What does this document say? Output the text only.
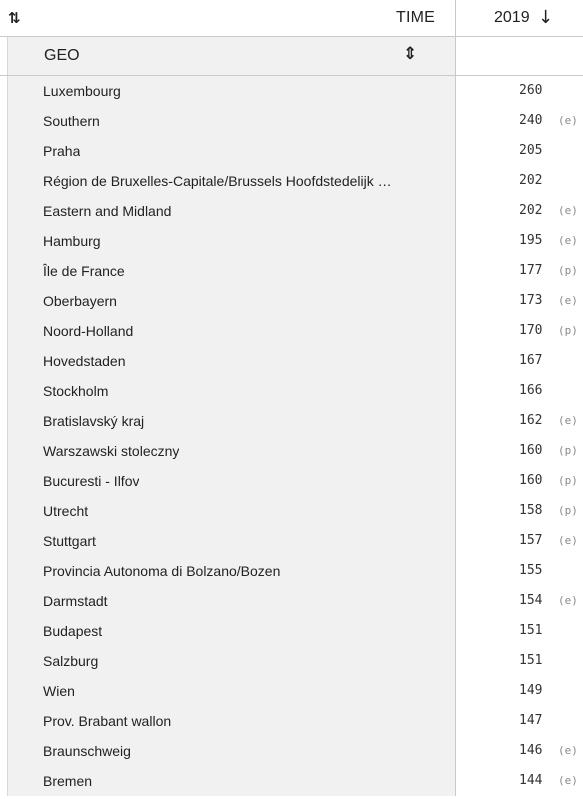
⇅	TIME	2019 ↓
GEO	⇕
Luxembourg	260
Southern	240 (e)
Praha	205
Région de Bruxelles-Capitale/Brussels Hoofdstedelijk …	202
Eastern and Midland	202 (e)
Hamburg	195 (e)
Île de France	177 (p)
Oberbayern	173 (e)
Noord-Holland	170 (p)
Hovedstaden	167
Stockholm	166
Bratislavský kraj	162 (e)
Warszawski stoleczny	160 (p)
Bucuresti - Ilfov	160 (p)
Utrecht	158 (p)
Stuttgart	157 (e)
Provincia Autonoma di Bolzano/Bozen	155
Darmstadt	154 (e)
Budapest	151
Salzburg	151
Wien	149
Prov. Brabant wallon	147
Braunschweig	146 (e)
Bremen	144 (e)
